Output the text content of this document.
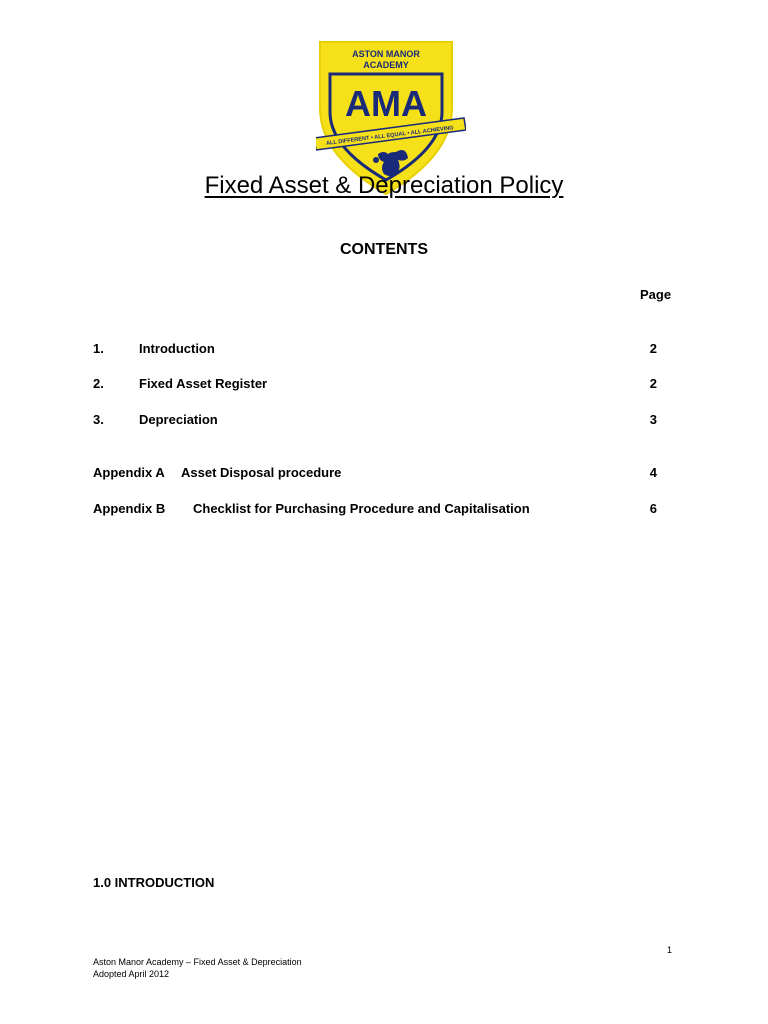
ASTON MANOR
ACADEMY
AMA
ALL DIFFERENT • ALL EQUAL • ALL ACHIEVING
Fixed Asset & Depreciation Policy
CONTENTS
Page
1.	Introduction	2
2.	Fixed Asset Register	2
3.	Depreciation	3
Appendix A Asset Disposal procedure	4
Appendix B Checklist for Purchasing Procedure and Capitalisation	6
1.0 INTRODUCTION
1
Aston Manor Academy – Fixed Asset & Depreciation
Adopted April 2012
